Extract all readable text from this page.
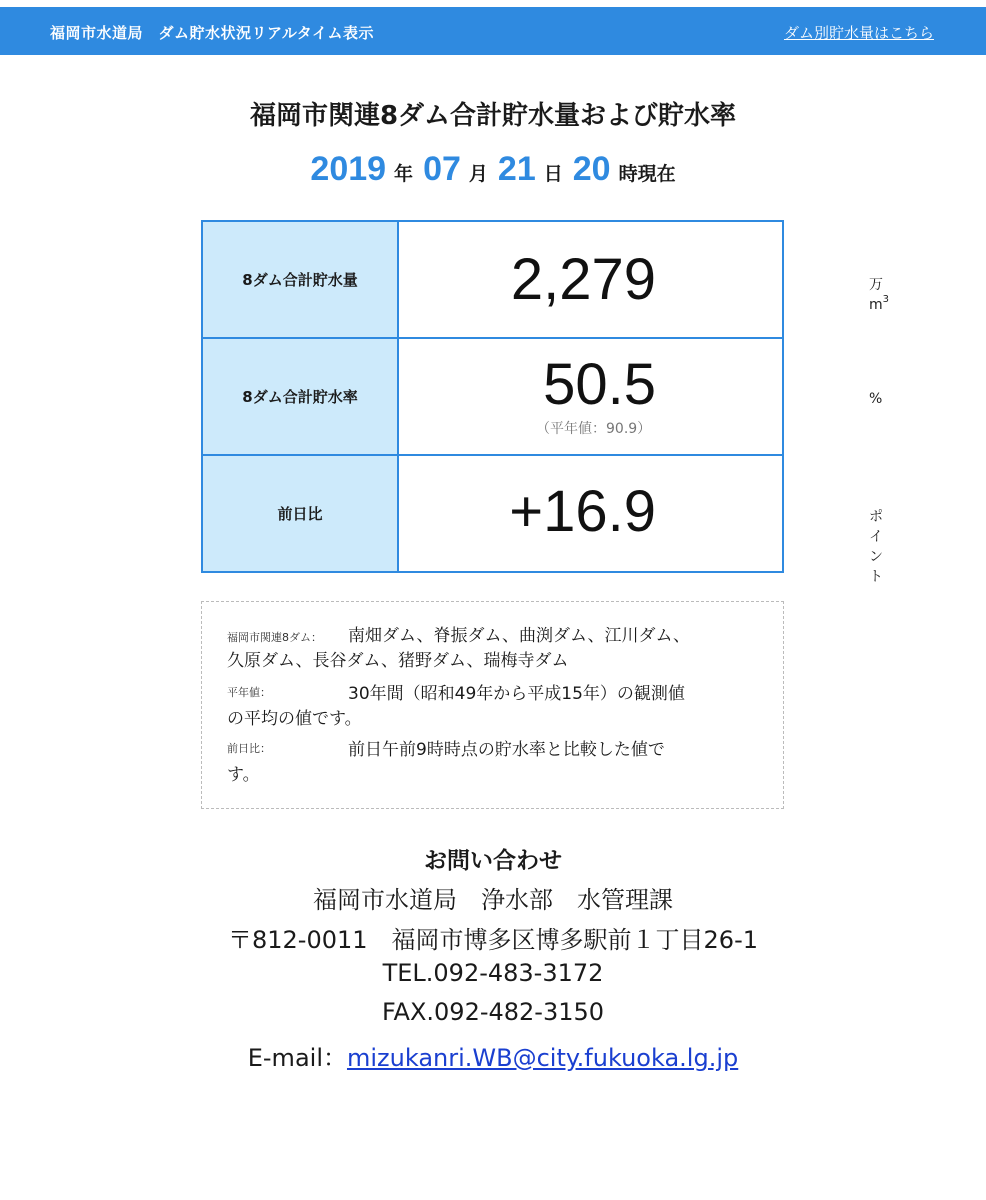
福岡市水道局　ダム貯水状況リアルタイム表示	ダム別貯水量はこちら
福岡市関連8ダム合計貯水量および貯水率
2019 年 07 月 21 日 20 時現在
8ダム合計貯水量	2,279	万$m^3$
8ダム合計貯水率	50.5	%
（平年値：90.9）
前日比	+16.9	ポイント
福岡市関連8ダム： 南畑ダム、脊振ダム、曲渕ダム、江川ダム、
久原ダム、長谷ダム、猪野ダム、瑞梅寺ダム
平年値：	30年間（昭和49年から平成15年）の観測値
の平均の値です。
前日比：	前日午前9時時点の貯水率と比較した値で
す。
お問い合わせ
福岡市水道局　浄水部　水管理課
〒812-0011　福岡市博多区博多駅前１丁目26-1
TEL.092-483-3172
FAX.092-482-3150
E-mail：mizukanri.WB@city.fukuoka.lg.jp
